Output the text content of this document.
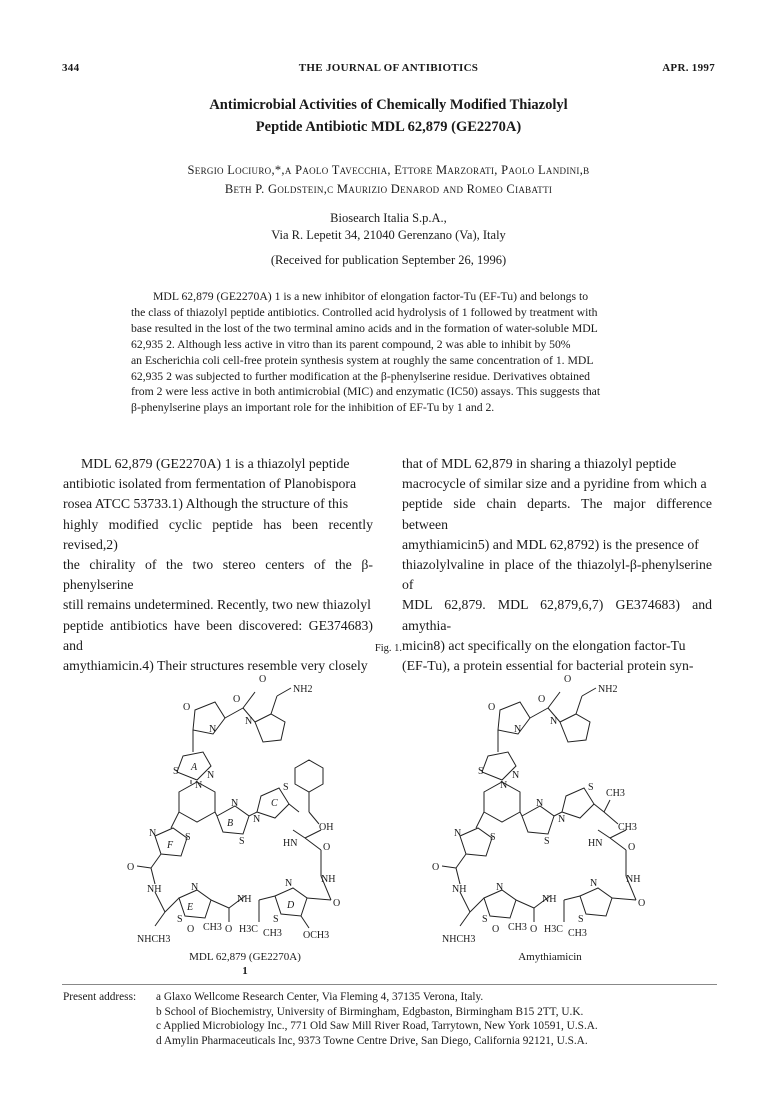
344	THE JOURNAL OF ANTIBIOTICS	APR. 1997
Antimicrobial Activities of Chemically Modified Thiazolyl
Peptide Antibiotic MDL 62,879 (GE2270A)
Sergio Lociuro,*,a Paolo Tavecchia, Ettore Marzorati, Paolo Landini,b
Beth P. Goldstein,c Maurizio Denarod and Romeo Ciabatti
Biosearch Italia S.p.A.,
Via R. Lepetit 34, 21040 Gerenzano (Va), Italy
(Received for publication September 26, 1996)
MDL 62,879 (GE2270A) 1 is a new inhibitor of elongation factor-Tu (EF-Tu) and belongs to
the class of thiazolyl peptide antibiotics. Controlled acid hydrolysis of 1 followed by treatment with
base resulted in the lost of the two terminal amino acids and in the formation of water-soluble MDL
62,935 2. Although less active in vitro than its parent compound, 2 was able to inhibit by 50%
an Escherichia coli cell-free protein synthesis system at roughly the same concentration of 1. MDL
62,935 2 was subjected to further modification at the β-phenylserine residue. Derivatives obtained
from 2 were less active in both antimicrobial (MIC) and enzymatic (IC50) assays. This suggests that
β-phenylserine plays an important role for the inhibition of EF-Tu by 1 and 2.

MDL 62,879 (GE2270A) 1 is a thiazolyl peptide

antibiotic isolated from fermentation of Planobispora

rosea ATCC 53733.1) Although the structure of this

highly modified cyclic peptide has been recently revised,2)

the chirality of the two stereo centers of the β-phenylserine

still remains undetermined. Recently, two new thiazolyl

peptide antibiotics have been discovered: GE374683) and

amythiamicin.4) Their structures resemble very closely

that of MDL 62,879 in sharing a thiazolyl peptide

macrocycle of similar size and a pyridine from which a

peptide side chain departs. The major difference between

amythiamicin5) and MDL 62,8792) is the presence of

thiazolylvaline in place of the thiazolyl-β-phenylserine of

MDL 62,879. MDL 62,879,6,7) GE374683) and amythia-

micin8) act specifically on the elongation factor-Tu

(EF-Tu), a protein essential for bacterial protein syn-

Fig. 1.
O
O
NH2
N
N
O
S A
N
N
B
S
N	C
S
N
OH
HN	O
N
F
S
O
NH
NH
O
N
E
S
O CH3
NH
O H3C CH3
N
D
S
OCH3
NHCH3
MDL 62,879 (GE2270A)
1
O
O
NH2
N
N
O
S	N
N
S
N
S
N
CH3
CH3
HN	O
N	S
O
NH
NH
O
N
S
O CH3
NH
O H3C CH3
N
S
NHCH3
Amythiamicin
Present address:	a Glaxo Wellcome Research Center, Via Fleming 4, 37135 Verona, Italy.
b School of Biochemistry, University of Birmingham, Edgbaston, Birmingham B15 2TT, U.K.
c Applied Microbiology Inc., 771 Old Saw Mill River Road, Tarrytown, New York 10591, U.S.A.
d Amylin Pharmaceuticals Inc, 9373 Towne Centre Drive, San Diego, California 92121, U.S.A.
